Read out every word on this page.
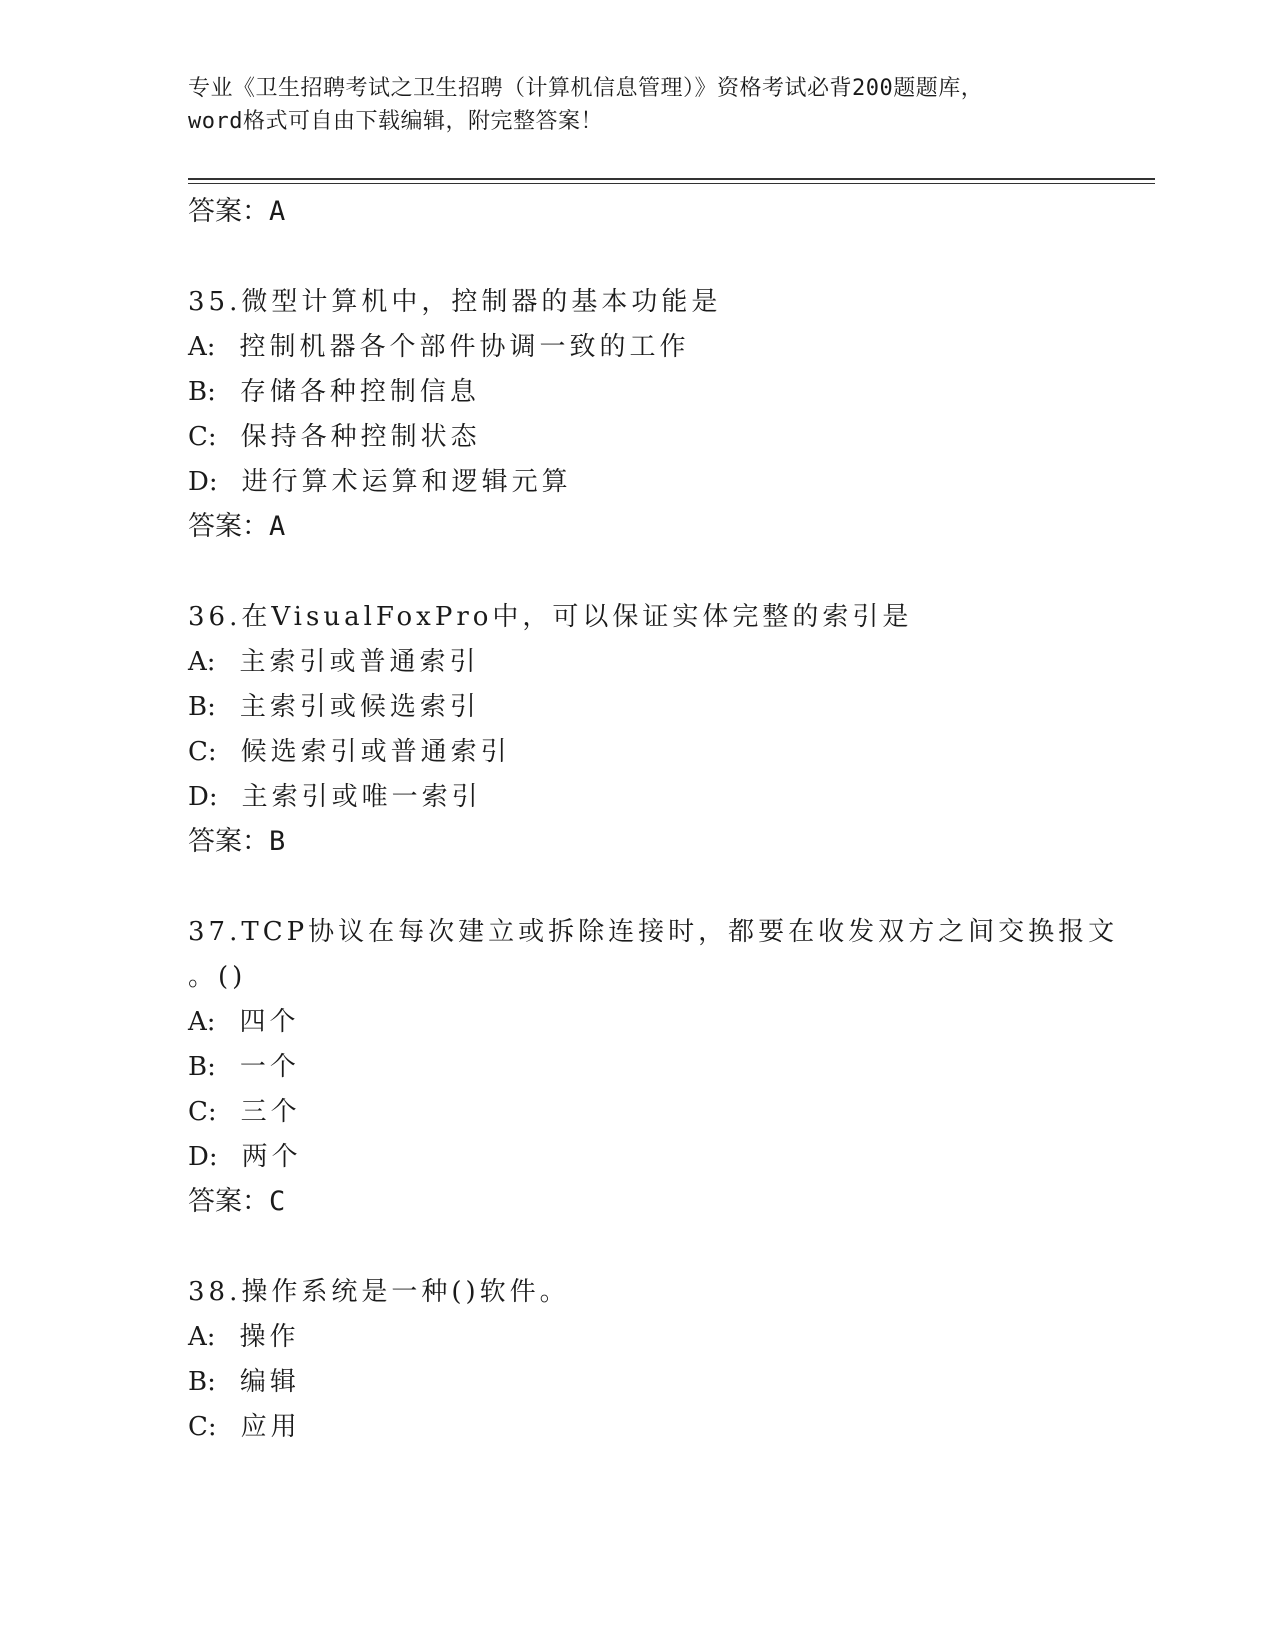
专业《卫生招聘考试之卫生招聘（计算机信息管理）》资格考试必背200题题库，
word格式可自由下载编辑，附完整答案！
答案：A
35.微型计算机中，控制器的基本功能是
A: 控制机器各个部件协调一致的工作
B: 存储各种控制信息
C: 保持各种控制状态
D: 进行算术运算和逻辑元算
答案：A
36.在VisualFoxPro中，可以保证实体完整的索引是
A: 主索引或普通索引
B: 主索引或候选索引
C: 候选索引或普通索引
D: 主索引或唯一索引
答案：B
37.TCP协议在每次建立或拆除连接时，都要在收发双方之间交换报文
。()
A: 四个
B: 一个
C: 三个
D: 两个
答案：C
38.操作系统是一种()软件。
A: 操作
B: 编辑
C: 应用
